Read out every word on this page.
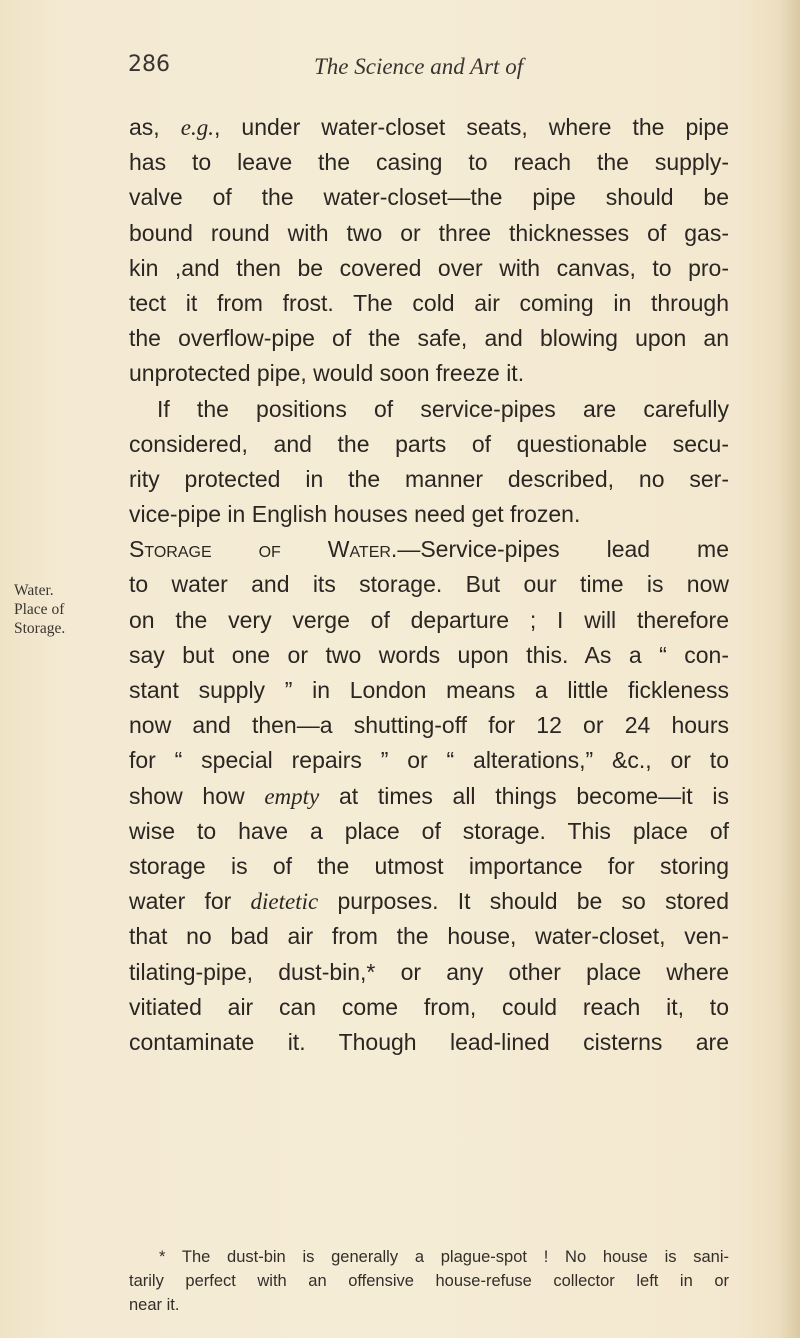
286	The Science and Art of
Water.
Place of
Storage.
as, e.g., under water-closet seats, where the pipe
has to leave the casing to reach the supply-
valve of the water-closet—the pipe should be
bound round with two or three thicknesses of gas-
kin ,and then be covered over with canvas, to pro-
tect it from frost. The cold air coming in through
the overflow-pipe of the safe, and blowing upon an
unprotected pipe, would soon freeze it.
If the positions of service-pipes are carefully
considered, and the parts of questionable secu-
rity protected in the manner described, no ser-
vice-pipe in English houses need get frozen.
Storage of Water.—Service-pipes lead me
to water and its storage. But our time is now
on the very verge of departure ; I will therefore
say but one or two words upon this. As a “ con-
stant supply ” in London means a little fickleness
now and then—a shutting-off for 12 or 24 hours
for “ special repairs ” or “ alterations,” &c., or to
show how empty at times all things become—it is
wise to have a place of storage. This place of
storage is of the utmost importance for storing
water for dietetic purposes. It should be so stored
that no bad air from the house, water-closet, ven-
tilating-pipe, dust-bin,* or any other place where
vitiated air can come from, could reach it, to
contaminate it. Though lead-lined cisterns are
* The dust-bin is generally a plague-spot ! No house is sani-
tarily perfect with an offensive house-refuse collector left in or
near it.
